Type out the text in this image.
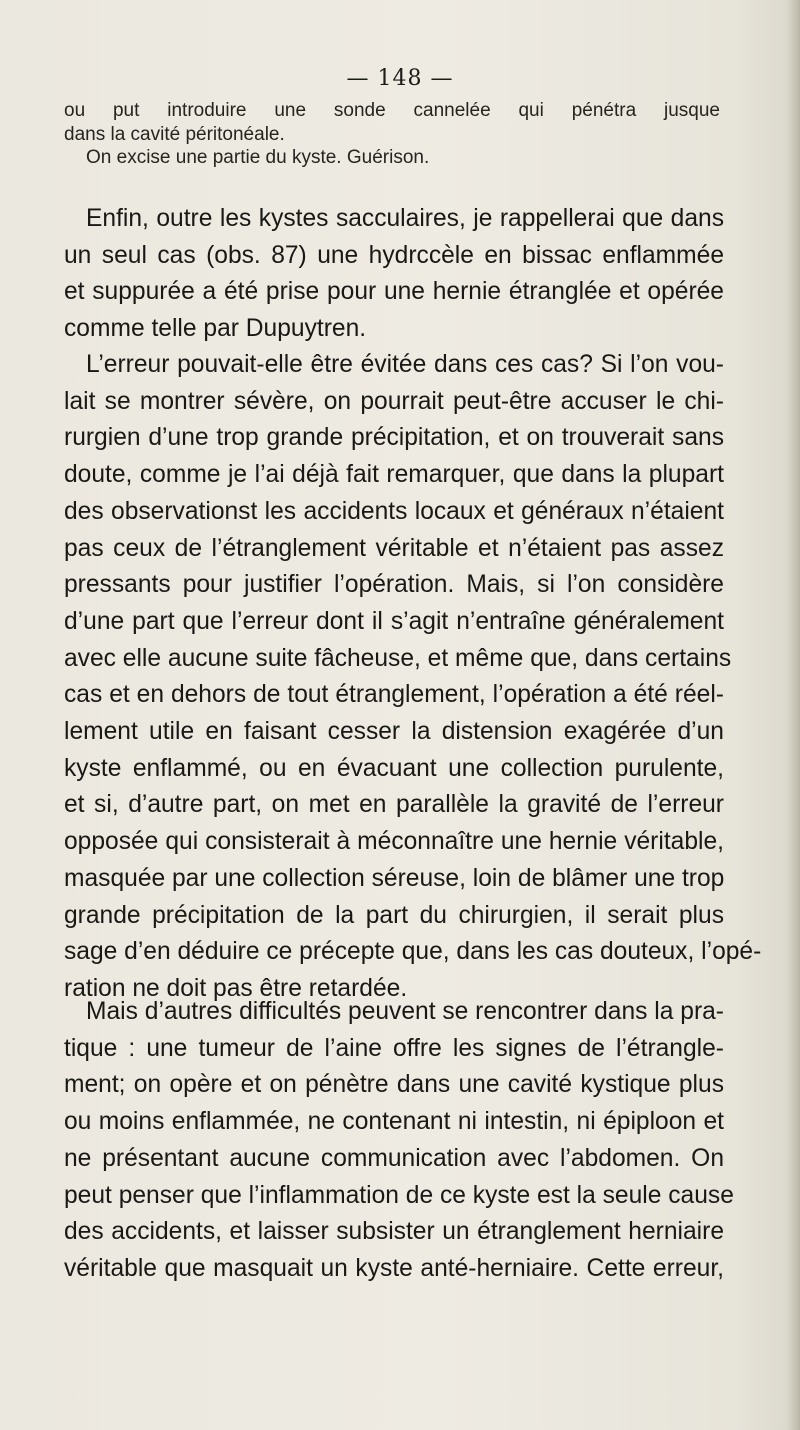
— 148 —
ou put introduire une sonde cannelée qui pénétra jusque
dans la cavité péritonéale.
On excise une partie du kyste. Guérison.
Enfin, outre les kystes sacculaires, je rappellerai que dans
un seul cas (obs. 87) une hydrccèle en bissac enflammée
et suppurée a été prise pour une hernie étranglée et opérée
comme telle par Dupuytren.
L’erreur pouvait-elle être évitée dans ces cas? Si l’on vou-
lait se montrer sévère, on pourrait peut-être accuser le chi-
rurgien d’une trop grande précipitation, et on trouverait sans
doute, comme je l’ai déjà fait remarquer, que dans la plupart
des observationst les accidents locaux et généraux n’étaient
pas ceux de l’étranglement véritable et n’étaient pas assez
pressants pour justifier l’opération. Mais, si l’on considère
d’une part que l’erreur dont il s’agit n’entraîne généralement
avec elle aucune suite fâcheuse, et même que, dans certains
cas et en dehors de tout étranglement, l’opération a été réel-
lement utile en faisant cesser la distension exagérée d’un
kyste enflammé, ou en évacuant une collection purulente,
et si, d’autre part, on met en parallèle la gravité de l’erreur
opposée qui consisterait à méconnaître une hernie véritable,
masquée par une collection séreuse, loin de blâmer une trop
grande précipitation de la part du chirurgien, il serait plus
sage d’en déduire ce précepte que, dans les cas douteux, l’opé-
ration ne doit pas être retardée.
Mais d’autres difficultés peuvent se rencontrer dans la pra-
tique : une tumeur de l’aine offre les signes de l’étrangle-
ment; on opère et on pénètre dans une cavité kystique plus
ou moins enflammée, ne contenant ni intestin, ni épiploon et
ne présentant aucune communication avec l’abdomen. On
peut penser que l’inflammation de ce kyste est la seule cause
des accidents, et laisser subsister un étranglement herniaire
véritable que masquait un kyste anté-herniaire. Cette erreur,
